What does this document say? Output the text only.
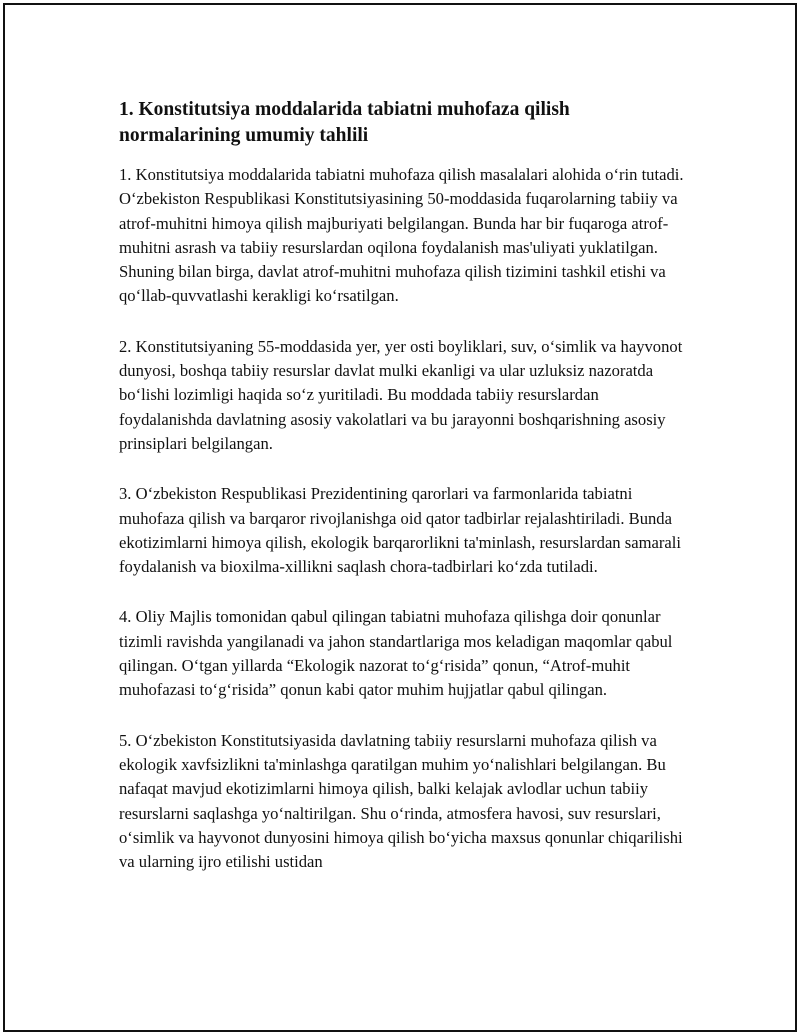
1. Konstitutsiya moddalarida tabiatni muhofaza qilish normalarining umumiy tahlili

1. Konstitutsiya moddalarida tabiatni muhofaza qilish masalalari alohida o‘rin tutadi. O‘zbekiston Respublikasi Konstitutsiyasining 50-moddasida fuqarolarning tabiiy va atrof-muhitni himoya qilish majburiyati belgilangan. Bunda har bir fuqaroga atrof-muhitni asrash va tabiiy resurslardan oqilona foydalanish mas'uliyati yuklatilgan. Shuning bilan birga, davlat atrof-muhitni muhofaza qilish tizimini tashkil etishi va qo‘llab-quvvatlashi kerakligi ko‘rsatilgan.

2. Konstitutsiyaning 55-moddasida yer, yer osti boyliklari, suv, o‘simlik va hayvonot dunyosi, boshqa tabiiy resurslar davlat mulki ekanligi va ular uzluksiz nazoratda bo‘lishi lozimligi haqida so‘z yuritiladi. Bu moddada tabiiy resurslardan foydalanishda davlatning asosiy vakolatlari va bu jarayonni boshqarishning asosiy prinsiplari belgilangan.

3. O‘zbekiston Respublikasi Prezidentining qarorlari va farmonlarida tabiatni muhofaza qilish va barqaror rivojlanishga oid qator tadbirlar rejalashtiriladi. Bunda ekotizimlarni himoya qilish, ekologik barqarorlikni ta'minlash, resurslardan samarali foydalanish va bioxilma-xillikni saqlash chora-tadbirlari ko‘zda tutiladi.

4. Oliy Majlis tomonidan qabul qilingan tabiatni muhofaza qilishga doir qonunlar tizimli ravishda yangilanadi va jahon standartlariga mos keladigan maqomlar qabul qilingan. O‘tgan yillarda “Ekologik nazorat to‘g‘risida” qonun, “Atrof-muhit muhofazasi to‘g‘risida” qonun kabi qator muhim hujjatlar qabul qilingan.

5. O‘zbekiston Konstitutsiyasida davlatning tabiiy resurslarni muhofaza qilish va ekologik xavfsizlikni ta'minlashga qaratilgan muhim yo‘nalishlari belgilangan. Bu nafaqat mavjud ekotizimlarni himoya qilish, balki kelajak avlodlar uchun tabiiy resurslarni saqlashga yo‘naltirilgan. Shu o‘rinda, atmosfera havosi, suv resurslari, o‘simlik va hayvonot dunyosini himoya qilish bo‘yicha maxsus qonunlar chiqarilishi va ularning ijro etilishi ustidan
